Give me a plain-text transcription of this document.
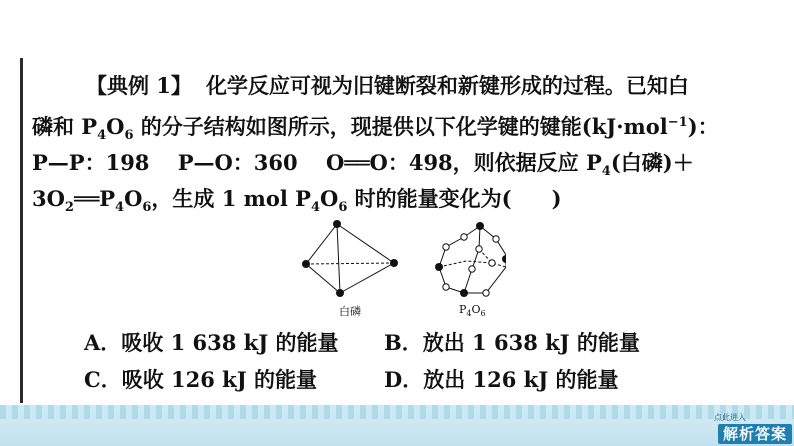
【典例 1】 化学反应可视为旧键断裂和新键形成的过程。已知白
磷和 $P_4O_6$ 的分子结构如图所示，现提供以下化学键的键能(kJ·mol$^{-1}$)：
P—P：198　 P—O：360　 O══O：498，则依据反应 $P_4$(白磷)＋
$3O_2══P_4O_6$，生成 1 mol $P_4O_6$ 时的能量变化为( )
白磷	$P_4O_6$
A．吸收 1 638 kJ 的能量 B．放出 1 638 kJ 的能量
C．吸收 126 kJ 的能量	D．放出 126 kJ 的能量
点此进入
解析答案
